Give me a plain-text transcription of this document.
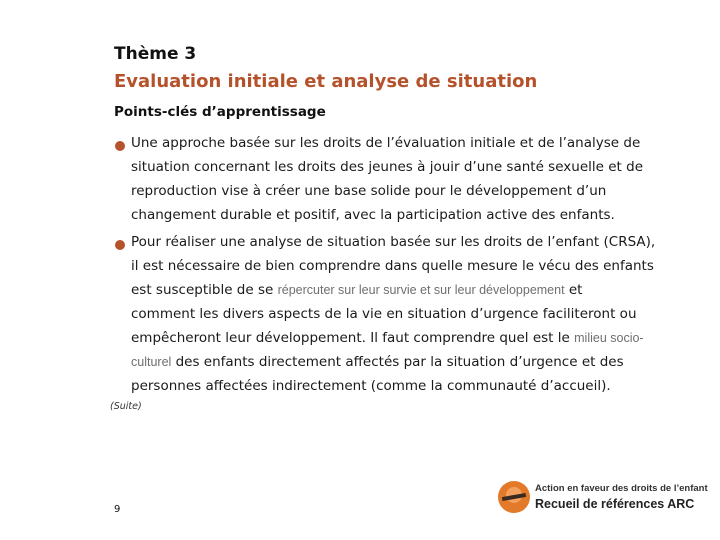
Thème 3
Evaluation initiale et analyse de situation
Points-clés d’apprentissage
Une approche basée sur les droits de l’évaluation initiale et de l’analyse de
situation concernant les droits des jeunes à jouir d’une santé sexuelle et de
reproduction vise à créer une base solide pour le développement d’un
changement durable et positif, avec la participation active des enfants.
Pour réaliser une analyse de situation basée sur les droits de l’enfant (CRSA),
il est nécessaire de bien comprendre dans quelle mesure le vécu des enfants
est susceptible de se répercuter sur leur survie et sur leur développement et
comment les divers aspects de la vie en situation d’urgence faciliteront ou
empêcheront leur développement. Il faut comprendre quel est le milieu socio-
culturel des enfants directement affectés par la situation d’urgence et des
personnes affectées indirectement (comme la communauté d’accueil).
(Suite)
9
Action en faveur des droits de l’enfant
Recueil de références ARC
